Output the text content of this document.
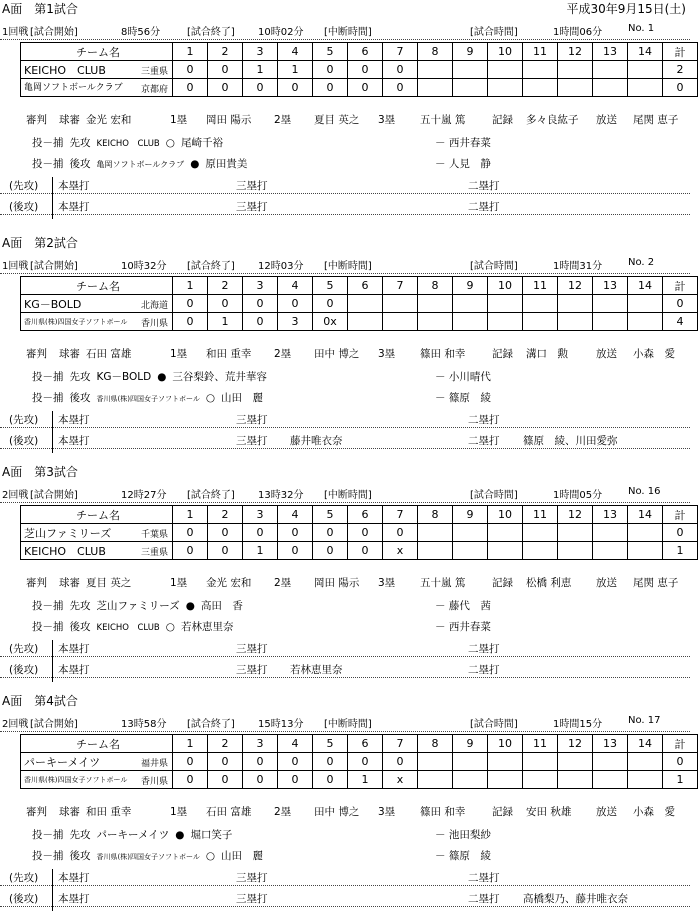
平成30年9月15日(土)
A面　第1試合
1回戦 [試合開始]	8時56分	[試合終了] 10時02分 [中断時間]	[試合時間]	1時間06分	No. 1
チーム名	1	2	3	4	5	6	7	8	9	10	11	12	13	14	計
KEICHO　CLUB 三重県	0	0	1	1	0	0	0								2
亀岡ソフトボールクラブ 京都府	0	0	0	0	0	0	0								0
審判 球審 金光 宏和	1塁 岡田 陽示 2塁 夏目 英之 3塁 五十嵐 篤	記録 多々良紘子 放送 尾関 恵子
投－捕 先攻 KEICHO　CLUB ○ 尾崎千裕	－ 西井春菜
投－捕 後攻 亀岡ソフトボールクラブ ● 原田貴美	－ 人見　静
(先攻) 本塁打	三塁打	二塁打
(後攻) 本塁打	三塁打	二塁打
A面　第2試合
1回戦 [試合開始]	10時32分 [試合終了] 12時03分 [中断時間]	[試合時間]	1時間31分	No. 2
チーム名	1	2	3	4	5	6	7	8	9	10	11	12	13	14	計
KG－BOLD 北海道	0	0	0	0	0										0
香川県(株)四国女子ソフトボール 香川県	0	1	0	3	0x										4
審判 球審 石田 富雄	1塁 和田 重幸 2塁 田中 博之 3塁 篠田 和幸	記録 溝口　勲	放送 小森　愛
投－捕 先攻 KG－BOLD ● 三谷梨鈴、荒井華容	－ 小川晴代
投－捕 後攻 香川県(株)四国女子ソフトボール ○ 山田　麗	－ 篠原　綾
(先攻) 本塁打	三塁打	二塁打
(後攻) 本塁打	三塁打 藤井唯衣奈	二塁打 篠原　綾、川田愛弥
A面　第3試合
2回戦 [試合開始]	12時27分 [試合終了] 13時32分 [中断時間]	[試合時間]	1時間05分	No. 16
チーム名	1	2	3	4	5	6	7	8	9	10	11	12	13	14	計
芝山ファミリーズ 千葉県	0	0	0	0	0	0	0								0
KEICHO　CLUB 三重県	0	0	1	0	0	0	x								1
審判 球審 夏目 英之	1塁 金光 宏和 2塁 岡田 陽示 3塁 五十嵐 篤	記録 松橋 利恵 放送 尾関 恵子
投－捕 先攻 芝山ファミリーズ ● 高田　香	－ 藤代　茜
投－捕 後攻 KEICHO　CLUB ○ 若林恵里奈	－ 西井春菜
(先攻) 本塁打	三塁打	二塁打
(後攻) 本塁打	三塁打 若林恵里奈	二塁打
A面　第4試合
2回戦 [試合開始]	13時58分 [試合終了] 15時13分 [中断時間]	[試合時間]	1時間15分	No. 17
チーム名	1	2	3	4	5	6	7	8	9	10	11	12	13	14	計
パーキーメイツ 福井県	0	0	0	0	0	0	0								0
香川県(株)四国女子ソフトボール 香川県	0	0	0	0	0	1	x								1
審判 球審 和田 重幸	1塁 石田 富雄 2塁 田中 博之 3塁 篠田 和幸	記録 安田 秋雄 放送 小森　愛
投－捕 先攻 パーキーメイツ ● 堀口笑子	－ 池田梨紗
投－捕 後攻 香川県(株)四国女子ソフトボール ○ 山田　麗	－ 篠原　綾
(先攻) 本塁打	三塁打	二塁打
(後攻) 本塁打	三塁打	二塁打 高橋梨乃、藤井唯衣奈
